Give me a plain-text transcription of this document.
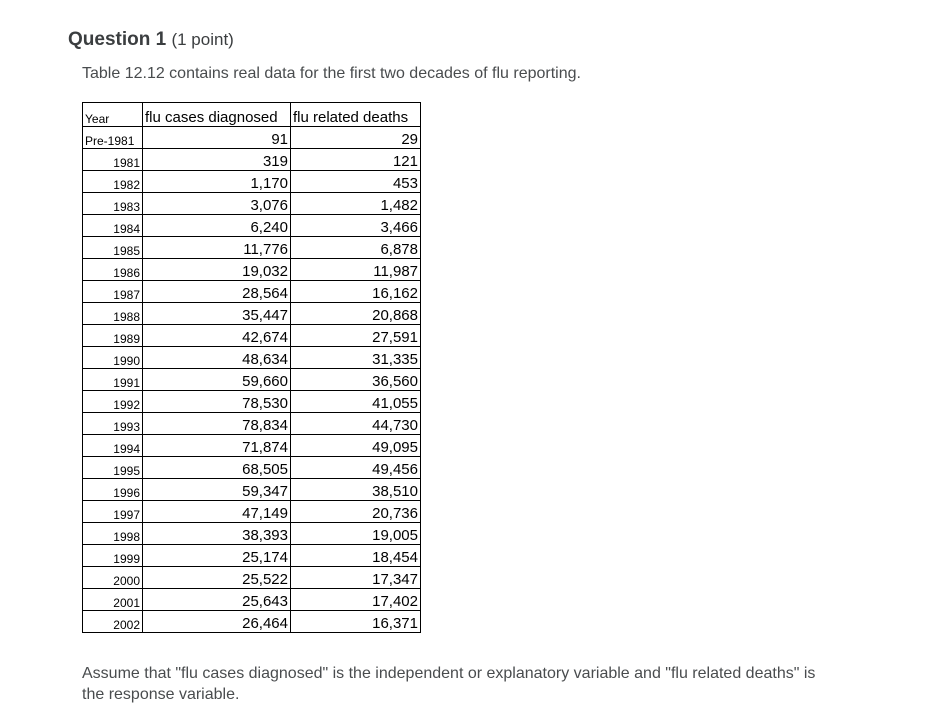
Question 1 (1 point)
Table 12.12 contains real data for the first two decades of flu reporting.
Year	flu cases diagnosed	flu related deaths
Pre-1981	91	29
1981	319	121
1982	1,170	453
1983	3,076	1,482
1984	6,240	3,466
1985	11,776	6,878
1986	19,032	11,987
1987	28,564	16,162
1988	35,447	20,868
1989	42,674	27,591
1990	48,634	31,335
1991	59,660	36,560
1992	78,530	41,055
1993	78,834	44,730
1994	71,874	49,095
1995	68,505	49,456
1996	59,347	38,510
1997	47,149	20,736
1998	38,393	19,005
1999	25,174	18,454
2000	25,522	17,347
2001	25,643	17,402
2002	26,464	16,371
Assume that "flu cases diagnosed" is the independent or explanatory variable and "flu related deaths" is the response variable.
